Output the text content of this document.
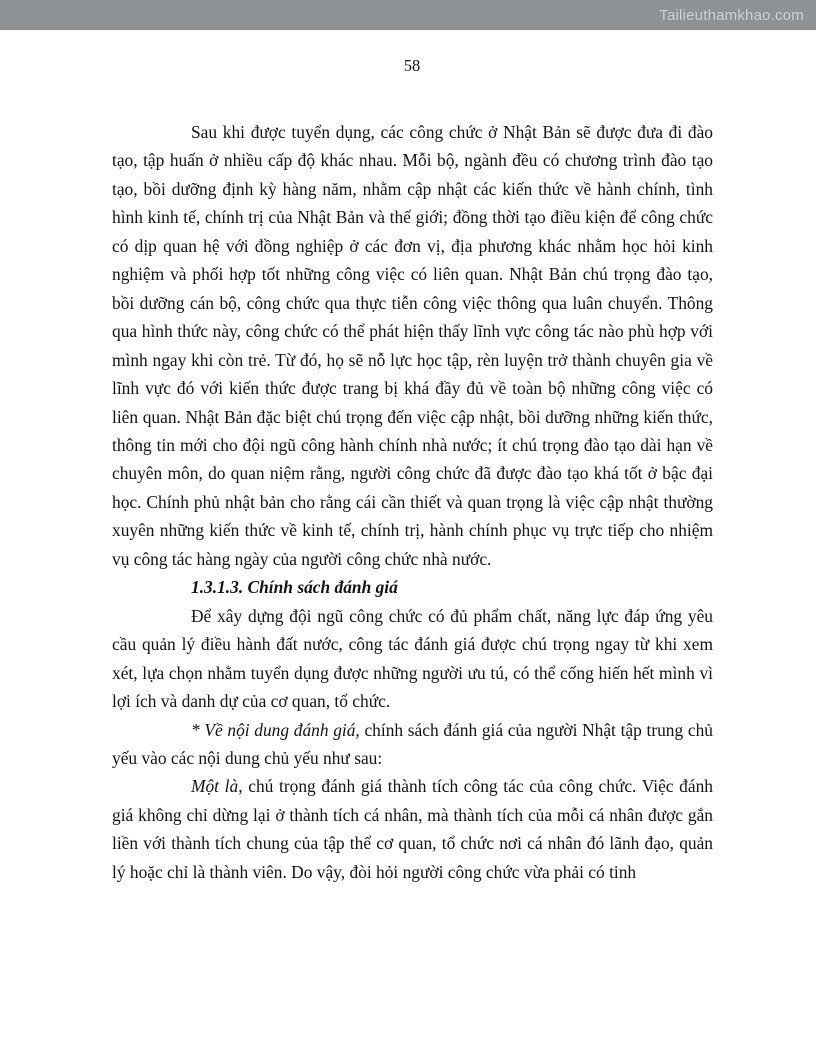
Tailieuthamkhao.com
58

Sau khi được tuyển dụng, các công chức ở Nhật Bản sẽ được đưa đi đào tạo, tập huấn ở nhiều cấp độ khác nhau. Mỗi bộ, ngành đều có chương trình đào tạo tạo, bồi dưỡng định kỳ hàng năm, nhằm cập nhật các kiến thức về hành chính, tình hình kinh tế, chính trị của Nhật Bản và thế giới; đồng thời tạo điều kiện để công chức có dịp quan hệ với đồng nghiệp ở các đơn vị, địa phương khác nhằm học hỏi kinh nghiệm và phối hợp tốt những công việc có liên quan. Nhật Bản chú trọng đào tạo, bồi dưỡng cán bộ, công chức qua thực tiễn công việc thông qua luân chuyển. Thông qua hình thức này, công chức có thể phát hiện thấy lĩnh vực công tác nào phù hợp với mình ngay khi còn trẻ. Từ đó, họ sẽ nỗ lực học tập, rèn luyện trở thành chuyên gia về lĩnh vực đó với kiến thức được trang bị khá đầy đủ về toàn bộ những công việc có liên quan. Nhật Bản đặc biệt chú trọng đến việc cập nhật, bồi dưỡng những kiến thức, thông tin mới cho đội ngũ công hành chính nhà nước; ít chú trọng đào tạo dài hạn về chuyên môn, do quan niệm rằng, người công chức đã được đào tạo khá tốt ở bậc đại học. Chính phủ nhật bản cho rằng cái cần thiết và quan trọng là việc cập nhật thường xuyên những kiến thức về kinh tế, chính trị, hành chính phục vụ trực tiếp cho nhiệm vụ công tác hàng ngày của người công chức nhà nước.

1.3.1.3. Chính sách đánh giá

Để xây dựng đội ngũ công chức có đủ phẩm chất, năng lực đáp ứng yêu cầu quản lý điều hành đất nước, công tác đánh giá được chú trọng ngay từ khi xem xét, lựa chọn nhằm tuyển dụng được những người ưu tú, có thể cống hiến hết mình vì lợi ích và danh dự của cơ quan, tổ chức.

* Về nội dung đánh giá, chính sách đánh giá của người Nhật tập trung chủ yếu vào các nội dung chủ yếu như sau:

Một là, chú trọng đánh giá thành tích công tác của công chức. Việc đánh giá không chỉ dừng lại ở thành tích cá nhân, mà thành tích của mỗi cá nhân được gắn liền với thành tích chung của tập thể cơ quan, tổ chức nơi cá nhân đó lãnh đạo, quản lý hoặc chỉ là thành viên. Do vậy, đòi hỏi người công chức vừa phải có tinh
